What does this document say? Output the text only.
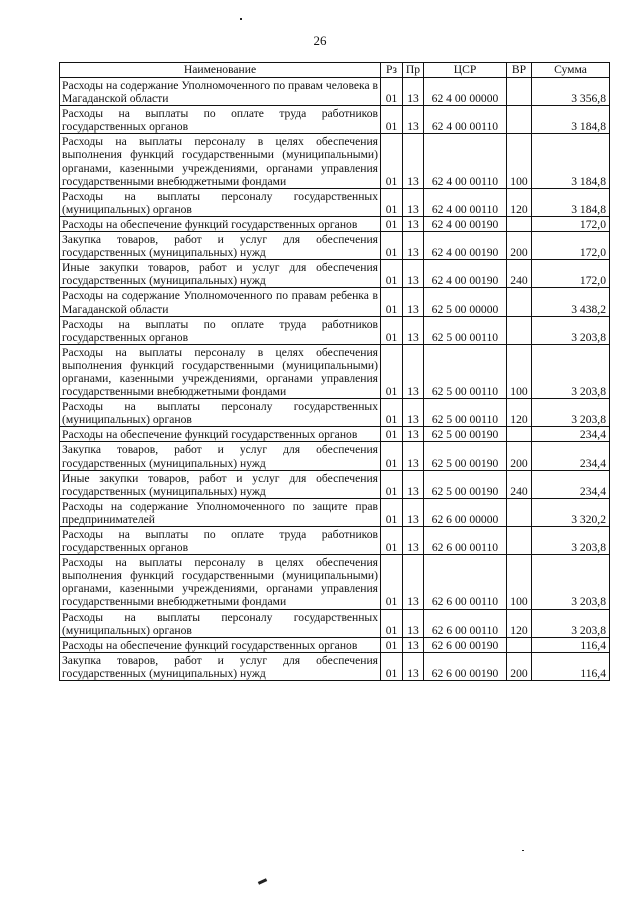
26
Наименование	Рз	Пр	ЦСР	ВР	Сумма
Расходы на содержание Уполномоченного по правам человека в Магаданской области	01	13	62 4 00 00000		3 356,8
Расходы на выплаты по оплате труда работников государственных органов	01	13	62 4 00 00110		3 184,8
Расходы на выплаты персоналу в целях обеспечения выполнения функций государственными (муниципальными) органами, казенными учреждениями, органами управления государственными внебюджетными фондами	01	13	62 4 00 00110	100	3 184,8
Расходы на выплаты персоналу государственных (муниципальных) органов	01	13	62 4 00 00110	120	3 184,8
Расходы на обеспечение функций государственных органов	01	13	62 4 00 00190		172,0
Закупка товаров, работ и услуг для обеспечения государственных (муниципальных) нужд	01	13	62 4 00 00190	200	172,0
Иные закупки товаров, работ и услуг для обеспечения государственных (муниципальных) нужд	01	13	62 4 00 00190	240	172,0
Расходы на содержание Уполномоченного по правам ребенка в Магаданской области	01	13	62 5 00 00000		3 438,2
Расходы на выплаты по оплате труда работников государственных органов	01	13	62 5 00 00110		3 203,8
Расходы на выплаты персоналу в целях обеспечения выполнения функций государственными (муниципальными) органами, казенными учреждениями, органами управления государственными внебюджетными фондами	01	13	62 5 00 00110	100	3 203,8
Расходы на выплаты персоналу государственных (муниципальных) органов	01	13	62 5 00 00110	120	3 203,8
Расходы на обеспечение функций государственных органов	01	13	62 5 00 00190		234,4
Закупка товаров, работ и услуг для обеспечения государственных (муниципальных) нужд	01	13	62 5 00 00190	200	234,4
Иные закупки товаров, работ и услуг для обеспечения государственных (муниципальных) нужд	01	13	62 5 00 00190	240	234,4
Расходы на содержание Уполномоченного по защите прав предпринимателей	01	13	62 6 00 00000		3 320,2
Расходы на выплаты по оплате труда работников государственных органов	01	13	62 6 00 00110		3 203,8
Расходы на выплаты персоналу в целях обеспечения выполнения функций государственными (муниципальными) органами, казенными учреждениями, органами управления государственными внебюджетными фондами	01	13	62 6 00 00110	100	3 203,8
Расходы на выплаты персоналу государственных (муниципальных) органов	01	13	62 6 00 00110	120	3 203,8
Расходы на обеспечение функций государственных органов	01	13	62 6 00 00190		116,4
Закупка товаров, работ и услуг для обеспечения государственных (муниципальных) нужд	01	13	62 6 00 00190	200	116,4
